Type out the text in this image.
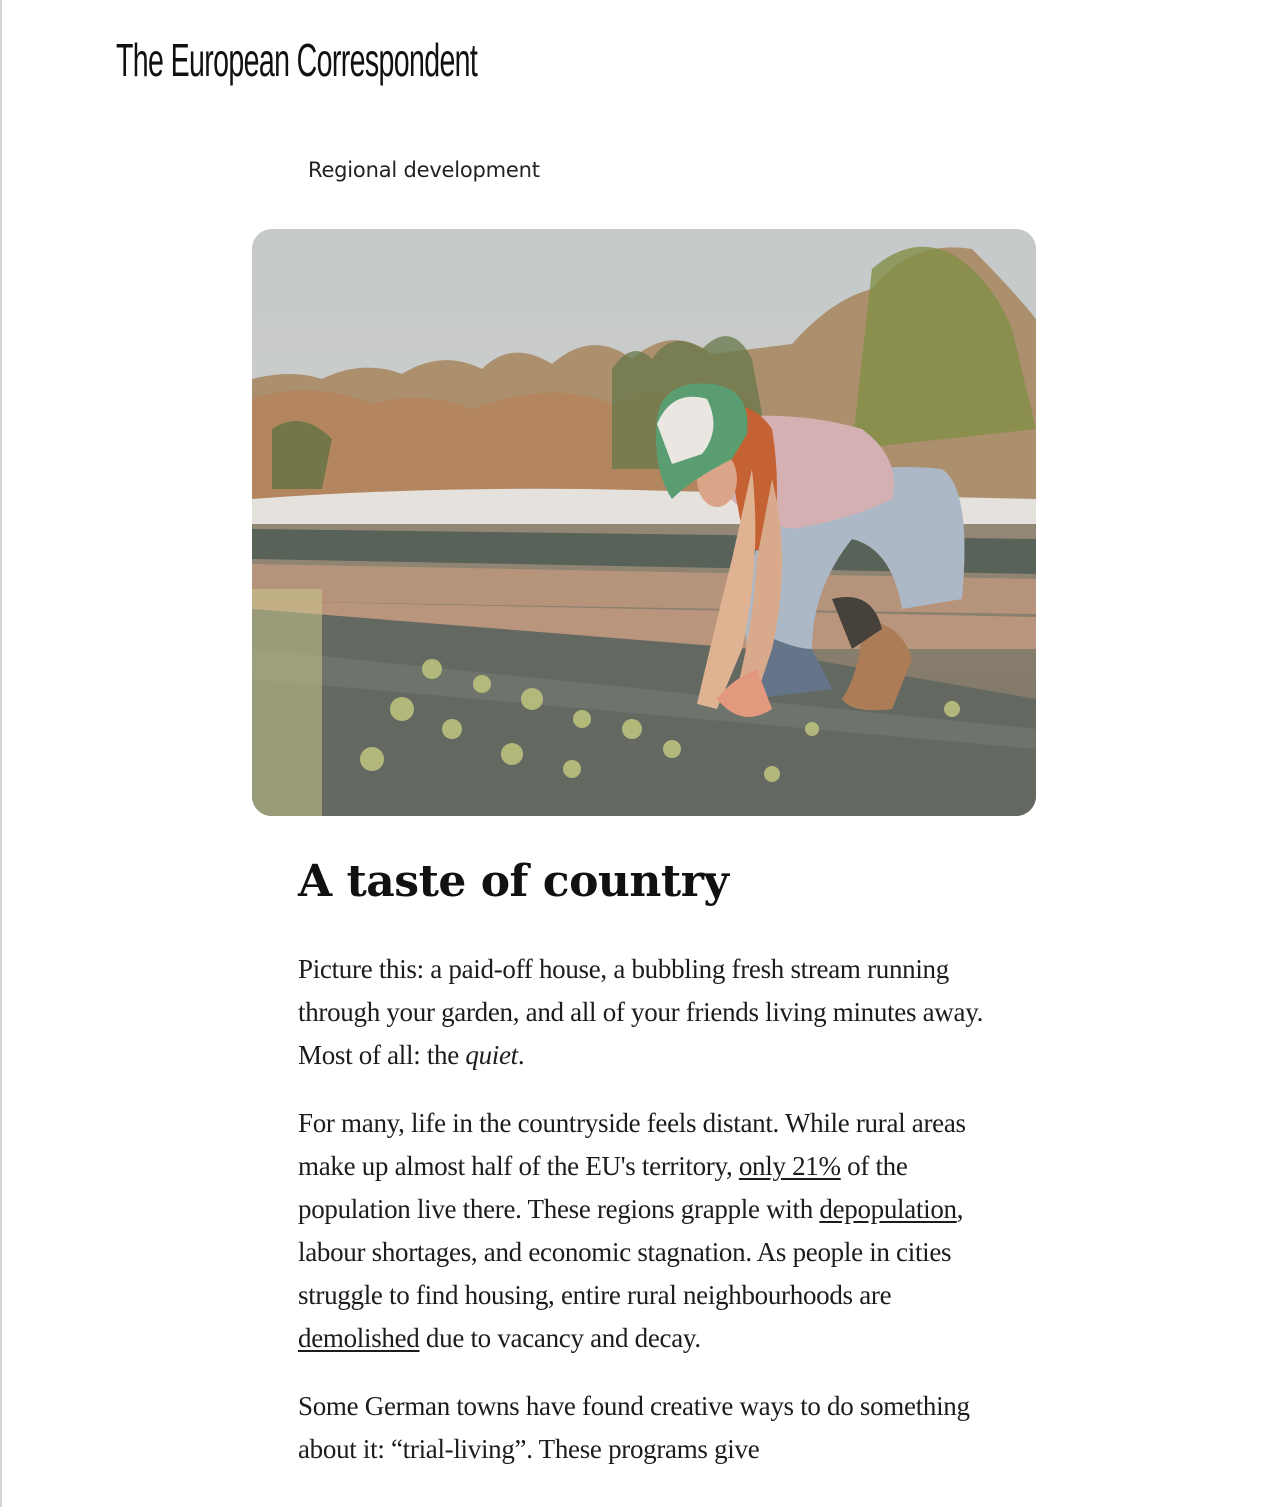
The European Correspondent
Regional development
A taste of country

Picture this: a paid-off house, a bubbling fresh stream running through your garden, and all of your friends living minutes away. Most of all: the quiet.

For many, life in the countryside feels distant. While rural areas make up almost half of the EU's territory, only 21% of the population live there. These regions grapple with depopulation, labour shortages, and economic stagnation. As people in cities struggle to find housing, entire rural neighbourhoods are demolished due to vacancy and decay.

Some German towns have found creative ways to do something about it: “trial-living”. These programs give
